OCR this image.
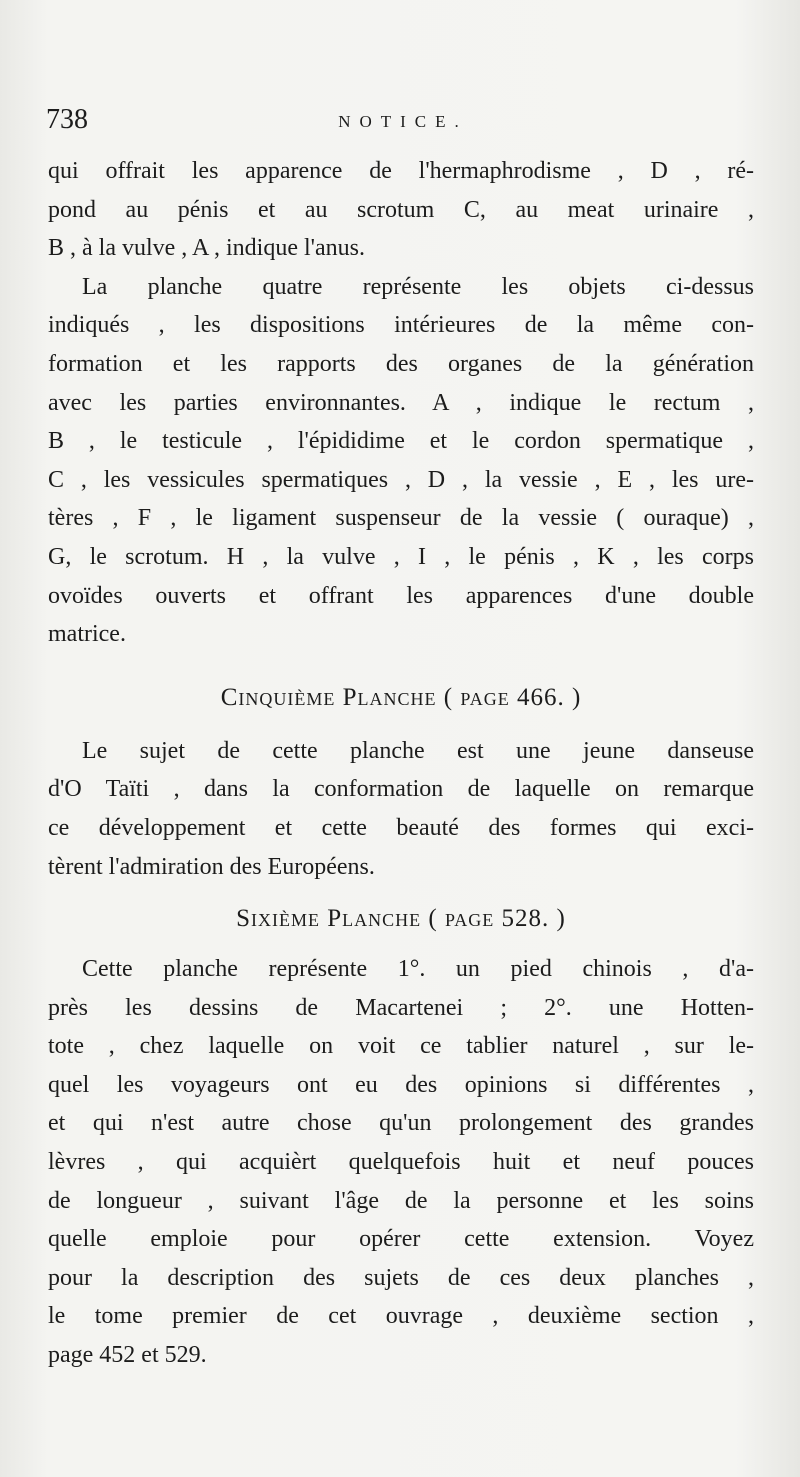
738	NOTICE.
qui offrait les apparence de l'hermaphrodisme , D , ré-
pond au pénis et au scrotum C, au meat urinaire ,
B , à la vulve , A , indique l'anus.
La planche quatre représente les objets ci-dessus
indiqués , les dispositions intérieures de la même con-
formation et les rapports des organes de la génération
avec les parties environnantes. A , indique le rectum ,
B , le testicule , l'épididime et le cordon spermatique ,
C , les vessicules spermatiques , D , la vessie , E , les ure-
tères , F , le ligament suspenseur de la vessie ( ouraque) ,
G, le scrotum. H , la vulve , I , le pénis , K , les corps
ovoïdes ouverts et offrant les apparences d'une double
matrice.
Cinquième Planche ( page 466. )
Le sujet de cette planche est une jeune danseuse
d'O Taïti , dans la conformation de laquelle on remarque
ce développement et cette beauté des formes qui exci-
tèrent l'admiration des Européens.
Sixième Planche ( page 528. )
Cette planche représente 1°. un pied chinois , d'a-
près les dessins de Macartenei ; 2°. une Hotten-
tote , chez laquelle on voit ce tablier naturel , sur le-
quel les voyageurs ont eu des opinions si différentes ,
et qui n'est autre chose qu'un prolongement des grandes
lèvres , qui acquièrt quelquefois huit et neuf pouces
de longueur , suivant l'âge de la personne et les soins
quelle emploie pour opérer cette extension. Voyez
pour la description des sujets de ces deux planches ,
le tome premier de cet ouvrage , deuxième section ,
page 452 et 529.
